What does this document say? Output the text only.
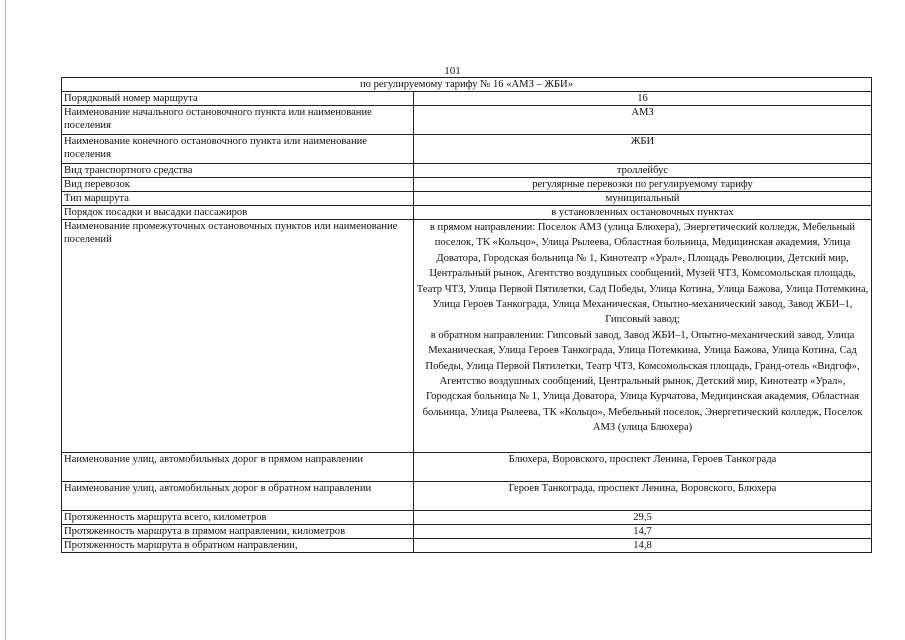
101
по регулируемому тарифу № 16 «АМЗ – ЖБИ»	
Порядковый номер маршрута	16
Наименование начального остановочного пункта или наименование поселения	АМЗ
Наименование конечного остановочного пункта или наименование поселения	ЖБИ
Вид транспортного средства	троллейбус
Вид перевозок	регулярные перевозки по регулируемому тарифу
Тип маршрута	муниципальный
Порядок посадки и высадки пассажиров	в установленных остановочных пунктах
Наименование промежуточных остановочных пунктов или наименование поселений	в прямом направлении: Поселок АМЗ (улица Блюхера), Энергетический колледж, Мебельный поселок, ТК «Кольцо», Улица Рылеева, Областная больница, Медицинская академия, Улица Доватора, Городская больница № 1, Кинотеатр «Урал», Площадь Революции, Детский мир, Центральный рынок, Агентство воздушных сообщений, Музей ЧТЗ, Комсомольская площадь, Театр ЧТЗ, Улица Первой Пятилетки, Сад Победы, Улица Котина, Улица Бажова, Улица Потемкина, Улица Героев Танкограда, Улица Механическая, Опытно-механический завод, Завод ЖБИ–1, Гипсовый завод;

в обратном направлении: Гипсовый завод, Завод ЖБИ–1, Опытно-механический завод, Улица Механическая, Улица Героев Танкограда, Улица Потемкина, Улица Бажова, Улица Котина, Сад Победы, Улица Первой Пятилетки, Театр ЧТЗ, Комсомольская площадь, Гранд-отель «Видгоф», Агентство воздушных сообщений, Центральный рынок, Детский мир, Кинотеатр «Урал», Городская больница № 1, Улица Доватора, Улица Курчатова, Медицинская академия, Областная больница, Улица Рылеева, ТК «Кольцо», Мебельный поселок, Энергетический колледж, Поселок АМЗ (улица Блюхера)

Наименование улиц, автомобильных дорог в прямом направлении	Блюхера, Воровского, проспект Ленина, Героев Танкограда
Наименование улиц, автомобильных дорог в обратном направлении	Героев Танкограда, проспект Ленина, Воровского, Блюхера
Протяженность маршрута всего, километров	29,5
Протяженность маршрута в прямом направлении, километров	14,7
Протяженность маршрута в обратном направлении,	14,8
